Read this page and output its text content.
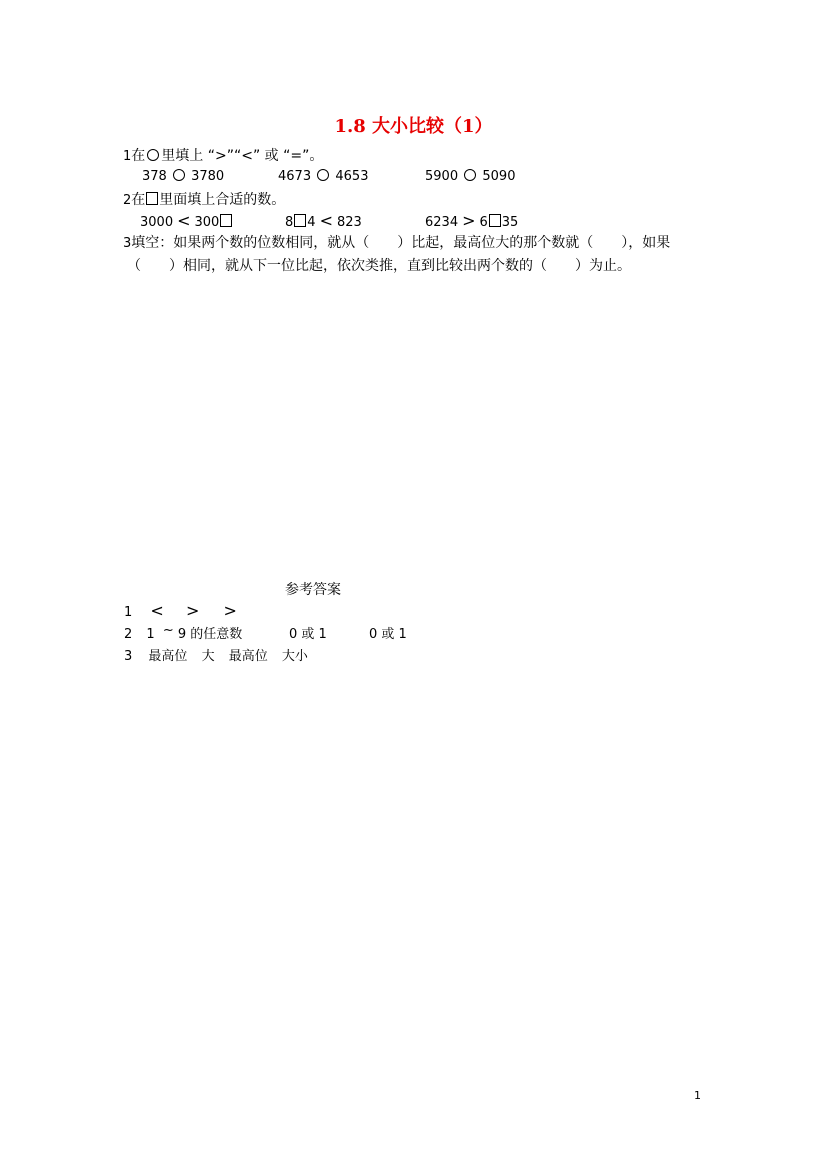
1.8 大小比较（1）
1在 里填上 “>”“<” 或 “=”。
378 3780	4673 4653	5900 5090
2在 里面填上合适的数。
3000 < 300	8 4 < 823	6234 > 6 35
3填空：如果两个数的位数相同，就从（　　）比起，最高位大的那个数就（　　），如果
（　　）相同，就从下一位比起，依次类推，直到比较出两个数的（　　）为止。
参考答案
1 < > >
2 1 ~ 9 的任意数	0 或 1	0 或 1
3 最高位 大 最高位 大小
1
